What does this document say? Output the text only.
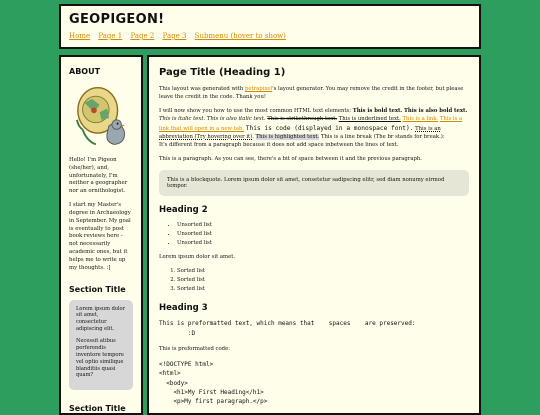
GEOPIGEON!
Home Page 1 Page 2 Page 3 Submenu (hover to show)
ABOUT

Hello! I'm Pigeon (she/her), and, unfortunately, I'm neither a geographer nor an ornithologist.

I start my Master's degree in Archaeology in September. My goal is eventually to post book reviews here - not necessarily academic ones, but it helps me to write up my thoughts. :]

Section Title

Lorem ipsum dolor sit amet, consectetur adipiscing elit.

Necessit atibus perferendis inventore tempore vel optio similique blanditiis quasi quam?

Section Title
Page Title (Heading 1)

This layout was generated with petrapixel's layout generator. You may remove the credit in the footer, but please leave the credit in the code. Thank you!

I will now show you how to use the most common HTML text elements: This is bold text. This is also bold text. This is italic text. This is also italic text. This is strikethrough text. This is underlined text. This is a link. This is a link that will open in a new tab. This is code (displayed in a monospace font). This is an abbreviation (Try hovering over it). This is highlighted text. This is a line break (The br stands for break.):
It's different from a paragraph because it does not add space inbetween the lines of text.

This is a paragraph. As you can see, there's a bit of space between it and the previous paragraph.

This is a blockquote. Lorem ipsum dolor sit amet, consetetur sadipscing elitr, sed diam nonumy eirmod tempor.
Heading 2
• Unsorted list
• Unsorted list
• Unsorted list

Lorem ipsum dolor sit amet.

1. Sorted list
2. Sorted list
3. Sorted list
Heading 3
This is preformatted text, which means that    spaces    are preserved:
:D

This is preformatted code:

<!DOCTYPE html>
<html>
<body>
<h1>My First Heading</h1>
<p>My first paragraph.</p>
